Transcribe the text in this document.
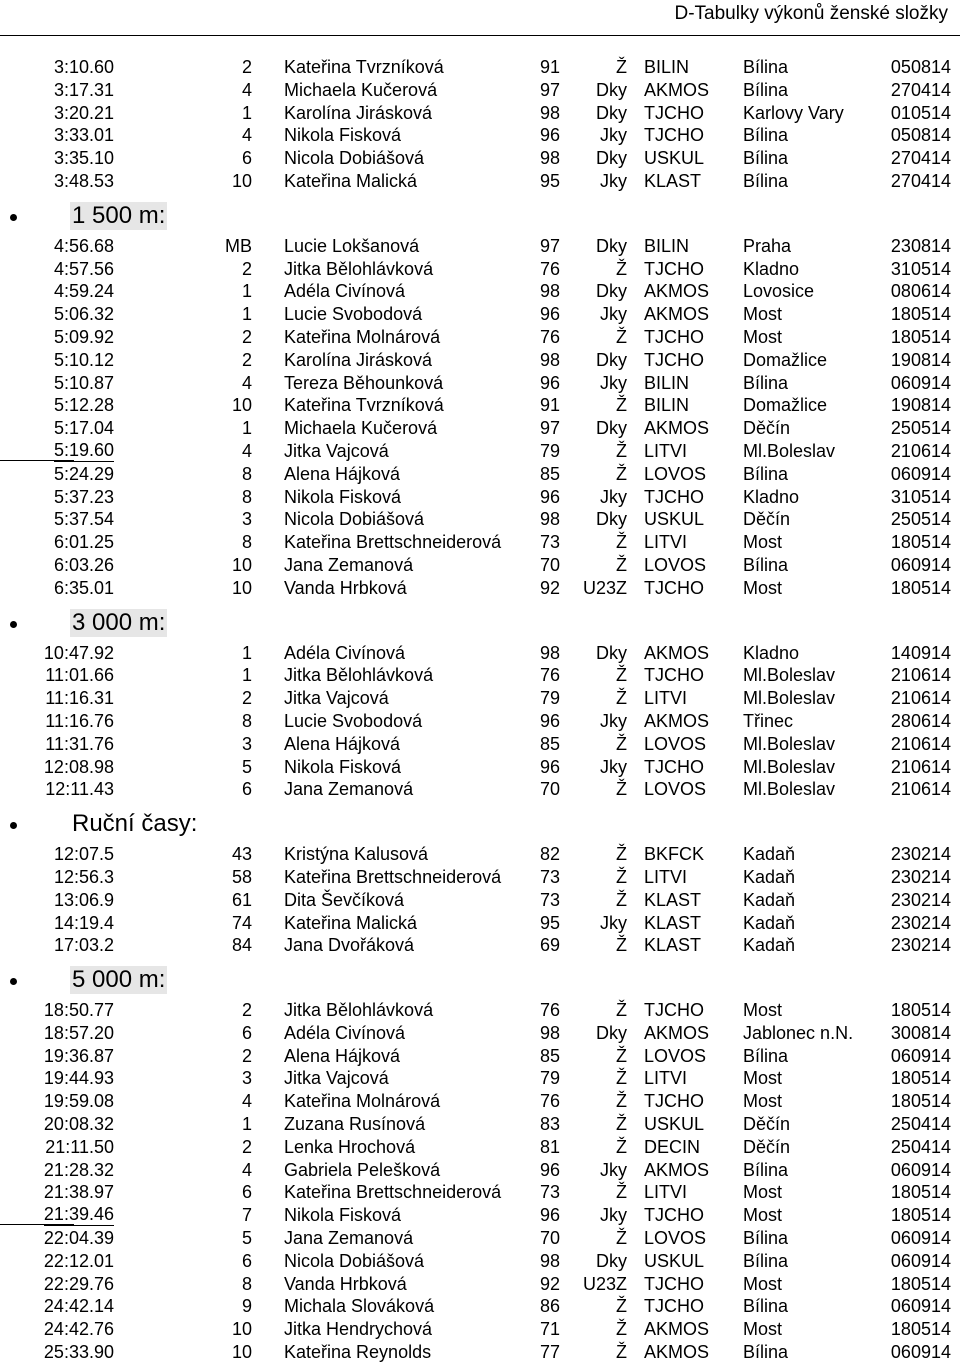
D-Tabulky výkonů ženské složky
3:10.60	2 Kateřina Tvrzníková	91	Ž BILIN	Bílina	050814
3:17.31	4 Michaela Kučerová	97 Dky AKMOS Bílina	270414
3:20.21	1 Karolína Jirásková	98 Dky TJCHO Karlovy Vary	010514
3:33.01	4 Nikola Fisková	96 Jky TJCHO Bílina	050814
3:35.10	6 Nicola Dobiášová	98 Dky USKUL Bílina	270414
3:48.53	10 Kateřina Malická	95 Jky KLAST Bílina	270414
1 500 m:
4:56.68	MB Lucie Lokšanová	97 Dky BILIN	Praha	230814
4:57.56	2 Jitka Bělohlávková	76	Ž TJCHO Kladno	310514
4:59.24	1 Adéla Civínová	98 Dky AKMOS Lovosice	080614
5:06.32	1 Lucie Svobodová	96 Jky AKMOS Most	180514
5:09.92	2 Kateřina Molnárová	76	Ž TJCHO Most	180514
5:10.12	2 Karolína Jirásková	98 Dky TJCHO Domažlice	190814
5:10.87	4 Tereza Běhounková	96 Jky BILIN	Bílina	060914
5:12.28	10 Kateřina Tvrzníková	91	Ž BILIN	Domažlice	190814
5:17.04	1 Michaela Kučerová	97 Dky AKMOS Děčín	250514
5:19.60	4 Jitka Vajcová	79	Ž LITVI	Ml.Boleslav	210614
5:24.29	8 Alena Hájková	85	Ž LOVOS Bílina	060914
5:37.23	8 Nikola Fisková	96 Jky TJCHO Kladno	310514
5:37.54	3 Nicola Dobiášová	98 Dky USKUL Děčín	250514
6:01.25	8 Kateřina Brettschneiderová 73	Ž LITVI	Most	180514
6:03.26	10 Jana Zemanová	70	Ž LOVOS Bílina	060914
6:35.01	10 Vanda Hrbková	92 U23Z TJCHO Most	180514
3 000 m:
10:47.92	1 Adéla Civínová	98 Dky AKMOS Kladno	140914
11:01.66	1 Jitka Bělohlávková	76	Ž TJCHO Ml.Boleslav	210614
11:16.31	2 Jitka Vajcová	79	Ž LITVI	Ml.Boleslav	210614
11:16.76	8 Lucie Svobodová	96 Jky AKMOS Třinec	280614
11:31.76	3 Alena Hájková	85	Ž LOVOS Ml.Boleslav	210614
12:08.98	5 Nikola Fisková	96 Jky TJCHO Ml.Boleslav	210614
12:11.43	6 Jana Zemanová	70	Ž LOVOS Ml.Boleslav	210614
Ruční časy:
12:07.5	43 Kristýna Kalusová	82	Ž BKFCK Kadaň	230214
12:56.3	58 Kateřina Brettschneiderová 73	Ž LITVI	Kadaň	230214
13:06.9	61 Dita Ševčíková	73	Ž KLAST Kadaň	230214
14:19.4	74 Kateřina Malická	95 Jky KLAST Kadaň	230214
17:03.2	84 Jana Dvořáková	69	Ž KLAST Kadaň	230214
5 000 m:
18:50.77	2 Jitka Bělohlávková	76	Ž TJCHO Most	180514
18:57.20	6 Adéla Civínová	98 Dky AKMOS Jablonec n.N. 300814
19:36.87	2 Alena Hájková	85	Ž LOVOS Bílina	060914
19:44.93	3 Jitka Vajcová	79	Ž LITVI	Most	180514
19:59.08	4 Kateřina Molnárová	76	Ž TJCHO Most	180514
20:08.32	1 Zuzana Rusínová	83	Ž USKUL Děčín	250414
21:11.50	2 Lenka Hrochová	81	Ž DECIN Děčín	250414
21:28.32	4 Gabriela Pelešková	96 Jky AKMOS Bílina	060914
21:38.97	6 Kateřina Brettschneiderová 73	Ž LITVI	Most	180514
21:39.46	7 Nikola Fisková	96 Jky TJCHO Most	180514
22:04.39	5 Jana Zemanová	70	Ž LOVOS Bílina	060914
22:12.01	6 Nicola Dobiášová	98 Dky USKUL Bílina	060914
22:29.76	8 Vanda Hrbková	92 U23Z TJCHO Most	180514
24:42.14	9 Michala Slováková	86	Ž TJCHO Bílina	060914
24:42.76	10 Jitka Hendrychová	71	Ž AKMOS Most	180514
25:33.90	10 Kateřina Reynolds	77	Ž AKMOS Bílina	060914
